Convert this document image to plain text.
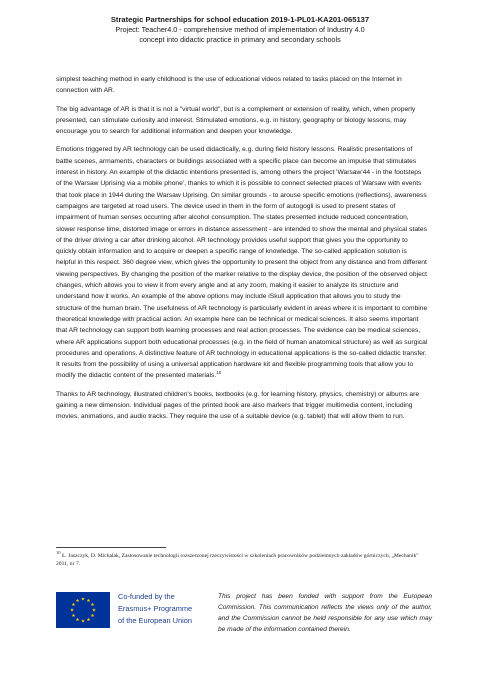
Strategic Partnerships for school education 2019-1-PL01-KA201-065137
Project: Teacher4.0 - comprehensive method of implementation of Industry 4.0
concept into didactic practice in primary and secondary schools

simplest teaching method in early childhood is the use of educational videos related to tasks placed on the Internet in connection with AR.

The big advantage of AR is that it is not a "virtual world", but is a complement or extension of reality, which, when properly presented, can stimulate curiosity and interest. Stimulated emotions, e.g. in history, geography or biology lessons, may encourage you to search for additional information and deepen your knowledge.

Emotions triggered by AR technology can be used didactically, e.g. during field history lessons. Realistic presentations of battle scenes, armaments, characters or buildings associated with a specific place can become an impulse that stimulates interest in history. An example of the didactic intentions presented is, among others the project 'Warsaw'44 - in the footsteps of the Warsaw Uprising via a mobile phone', thanks to which it is possible to connect selected places of Warsaw with events that took place in 1944 during the Warsaw Uprising. On similar grounds - to arouse specific emotions (reflections), awareness campaigns are targeted at road users. The device used in them in the form of autogogli is used to present states of impairment of human senses occurring after alcohol consumption. The states presented include reduced concentration, slower response time, distorted image or errors in distance assessment - are intended to show the mental and physical states of the driver driving a car after drinking alcohol. AR technology provides useful support that gives you the opportunity to quickly obtain information and to acquire or deepen a specific range of knowledge. The so-called application solution is helpful in this respect. 360 degree view, which gives the opportunity to present the object from any distance and from different viewing perspectives. By changing the position of the marker relative to the display device, the position of the observed object changes, which allows you to view it from every angle and at any zoom, making it easier to analyze its structure and understand how it works. An example of the above options may include iSkull application that allows you to study the structure of the human brain. The usefulness of AR technology is particularly evident in areas where it is important to combine theoretical knowledge with practical action. An example here can be technical or medical sciences. It also seems important that AR technology can support both learning processes and real action processes. The evidence can be medical sciences, where AR applications support both educational processes (e.g. in the field of human anatomical structure) as well as surgical procedures and operations. A distinctive feature of AR technology in educational applications is the so-called didactic transfer. It results from the possibility of using a universal application hardware kit and flexible programming tools that allow you to modify the didactic content of the presented materials.$^{10}$

Thanks to AR technology, illustrated children's books, textbooks (e.g. for learning history, physics, chemistry) or albums are gaining a new dimension. Individual pages of the printed book are also markers that trigger multimedia content, including movies, animations, and audio tracks. They require the use of a suitable device (e.g. tablet) that will allow them to run.

$^{10}$ Ł. Jaszczyk, D. Michalak, Zastosowanie technologii rozszerzonej rzeczywistości w szkoleniach pracowników podziemnych zakładów górniczych, „Mechanik" 2011, nr 7.
Co-funded by the
Erasmus+ Programme
of the European Union
This project has been funded with support from the European Commission. This communication reflects the views only of the author, and the Commission cannot be held responsible for any use which may be made of the information contained therein.
